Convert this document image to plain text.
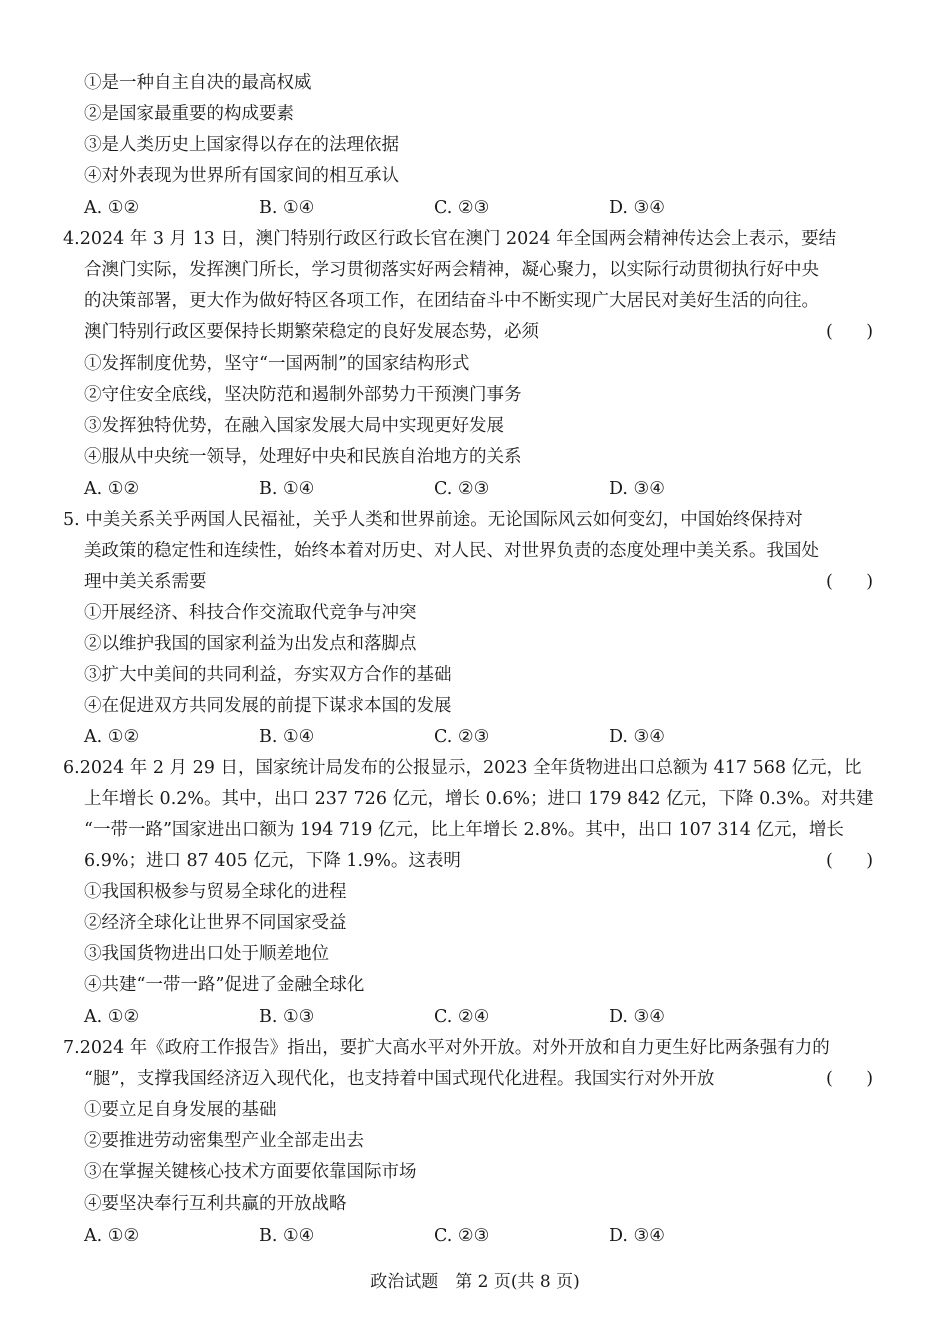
①是一种自主自决的最高权威
②是国家最重要的构成要素
③是人类历史上国家得以存在的法理依据
④对外表现为世界所有国家间的相互承认
A. ①②	B. ①④	C. ②③	D. ③④
4.2024 年 3 月 13 日，澳门特别行政区行政长官在澳门 2024 年全国两会精神传达会上表示，要结
合澳门实际，发挥澳门所长，学习贯彻落实好两会精神，凝心聚力，以实际行动贯彻执行好中央
的决策部署，更大作为做好特区各项工作，在团结奋斗中不断实现广大居民对美好生活的向往。
澳门特别行政区要保持长期繁荣稳定的良好发展态势，必须	(      )
①发挥制度优势，坚守“一国两制”的国家结构形式
②守住安全底线，坚决防范和遏制外部势力干预澳门事务
③发挥独特优势，在融入国家发展大局中实现更好发展
④服从中央统一领导，处理好中央和民族自治地方的关系
A. ①②	B. ①④	C. ②③	D. ③④
5. 中美关系关乎两国人民福祉，关乎人类和世界前途。无论国际风云如何变幻，中国始终保持对
美政策的稳定性和连续性，始终本着对历史、对人民、对世界负责的态度处理中美关系。我国处
理中美关系需要	(      )
①开展经济、科技合作交流取代竞争与冲突
②以维护我国的国家利益为出发点和落脚点
③扩大中美间的共同利益，夯实双方合作的基础
④在促进双方共同发展的前提下谋求本国的发展
A. ①②	B. ①④	C. ②③	D. ③④
6.2024 年 2 月 29 日，国家统计局发布的公报显示，2023 全年货物进出口总额为 417 568 亿元，比
上年增长 0.2%。其中，出口 237 726 亿元，增长 0.6%；进口 179 842 亿元，下降 0.3%。对共建
“一带一路”国家进出口额为 194 719 亿元，比上年增长 2.8%。其中，出口 107 314 亿元，增长
6.9%；进口 87 405 亿元，下降 1.9%。这表明	(      )
①我国积极参与贸易全球化的进程
②经济全球化让世界不同国家受益
③我国货物进出口处于顺差地位
④共建“一带一路”促进了金融全球化
A. ①②	B. ①③	C. ②④	D. ③④
7.2024 年《政府工作报告》指出，要扩大高水平对外开放。对外开放和自力更生好比两条强有力的
“腿”，支撑我国经济迈入现代化，也支持着中国式现代化进程。我国实行对外开放	(      )
①要立足自身发展的基础
②要推进劳动密集型产业全部走出去
③在掌握关键核心技术方面要依靠国际市场
④要坚决奉行互利共赢的开放战略
A. ①②	B. ①④	C. ②③	D. ③④
政治试题　第 2 页(共 8 页)
